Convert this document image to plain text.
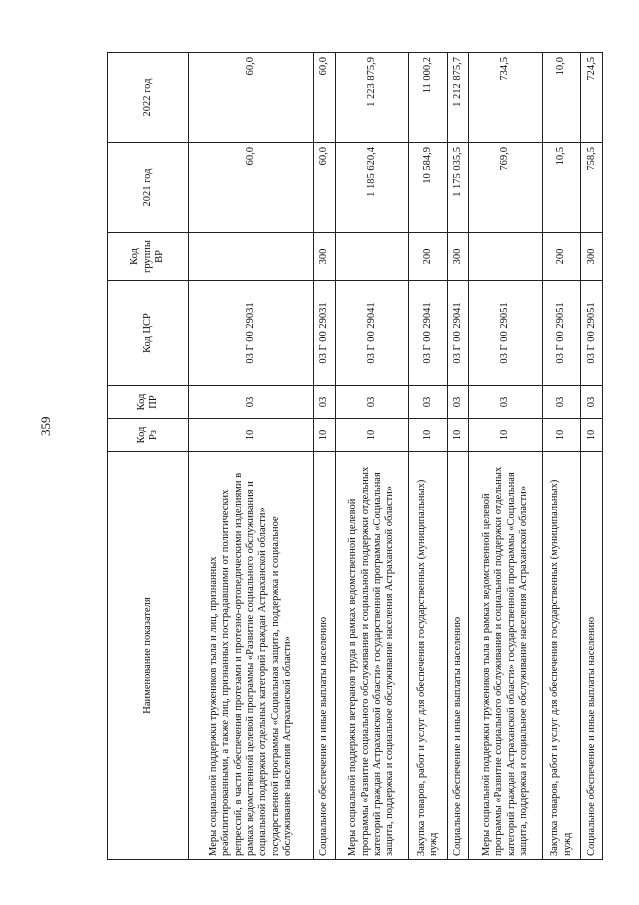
359
Наименование показателя	Код Рз	Код ПР	Код ЦСР	Код группы ВР	2021 год	2022 год
Меры социальной поддержки тружеников тыла и лиц, признанных реабилитированными, а также лиц, признанных пострадавшими от политических репрессий, в части обеспечения протезами и протезно-ортопедическими изделиями в рамках ведомственной целевой программы «Развитие социального обслуживания и социальной поддержки отдельных категорий граждан Астраханской области» государственной программы «Социальная защита, поддержка и социальное обслуживание населения Астраханской области»	10	03	03 Г 00 29031		60,0	60,0
Социальное обеспечение и иные выплаты населению	10	03	03 Г 00 29031	300	60,0	60,0
Меры социальной поддержки ветеранов труда в рамках ведомственной целевой программы «Развитие социального обслуживания и социальной поддержки отдельных категорий граждан Астраханской области» государственной программы «Социальная защита, поддержка и социальное обслуживание населения Астраханской области»	10	03	03 Г 00 29041		1 185 620,4	1 223 875,9
Закупка товаров, работ и услуг для обеспечения государственных (муниципальных) нужд	10	03	03 Г 00 29041	200	10 584,9	11 000,2
Социальное обеспечение и иные выплаты населению	10	03	03 Г 00 29041	300	1 175 035,5	1 212 875,7
Меры социальной поддержки тружеников тыла в рамках ведомственной целевой программы «Развитие социального обслуживания и социальной поддержки отдельных категорий граждан Астраханской области» государственной программы «Социальная защита, поддержка и социальное обслуживание населения Астраханской области»	10	03	03 Г 00 29051		769,0	734,5
Закупка товаров, работ и услуг для обеспечения государственных (муниципальных) нужд	10	03	03 Г 00 29051	200	10,5	10,0
Социальное обеспечение и иные выплаты населению	10	03	03 Г 00 29051	300	758,5	724,5
